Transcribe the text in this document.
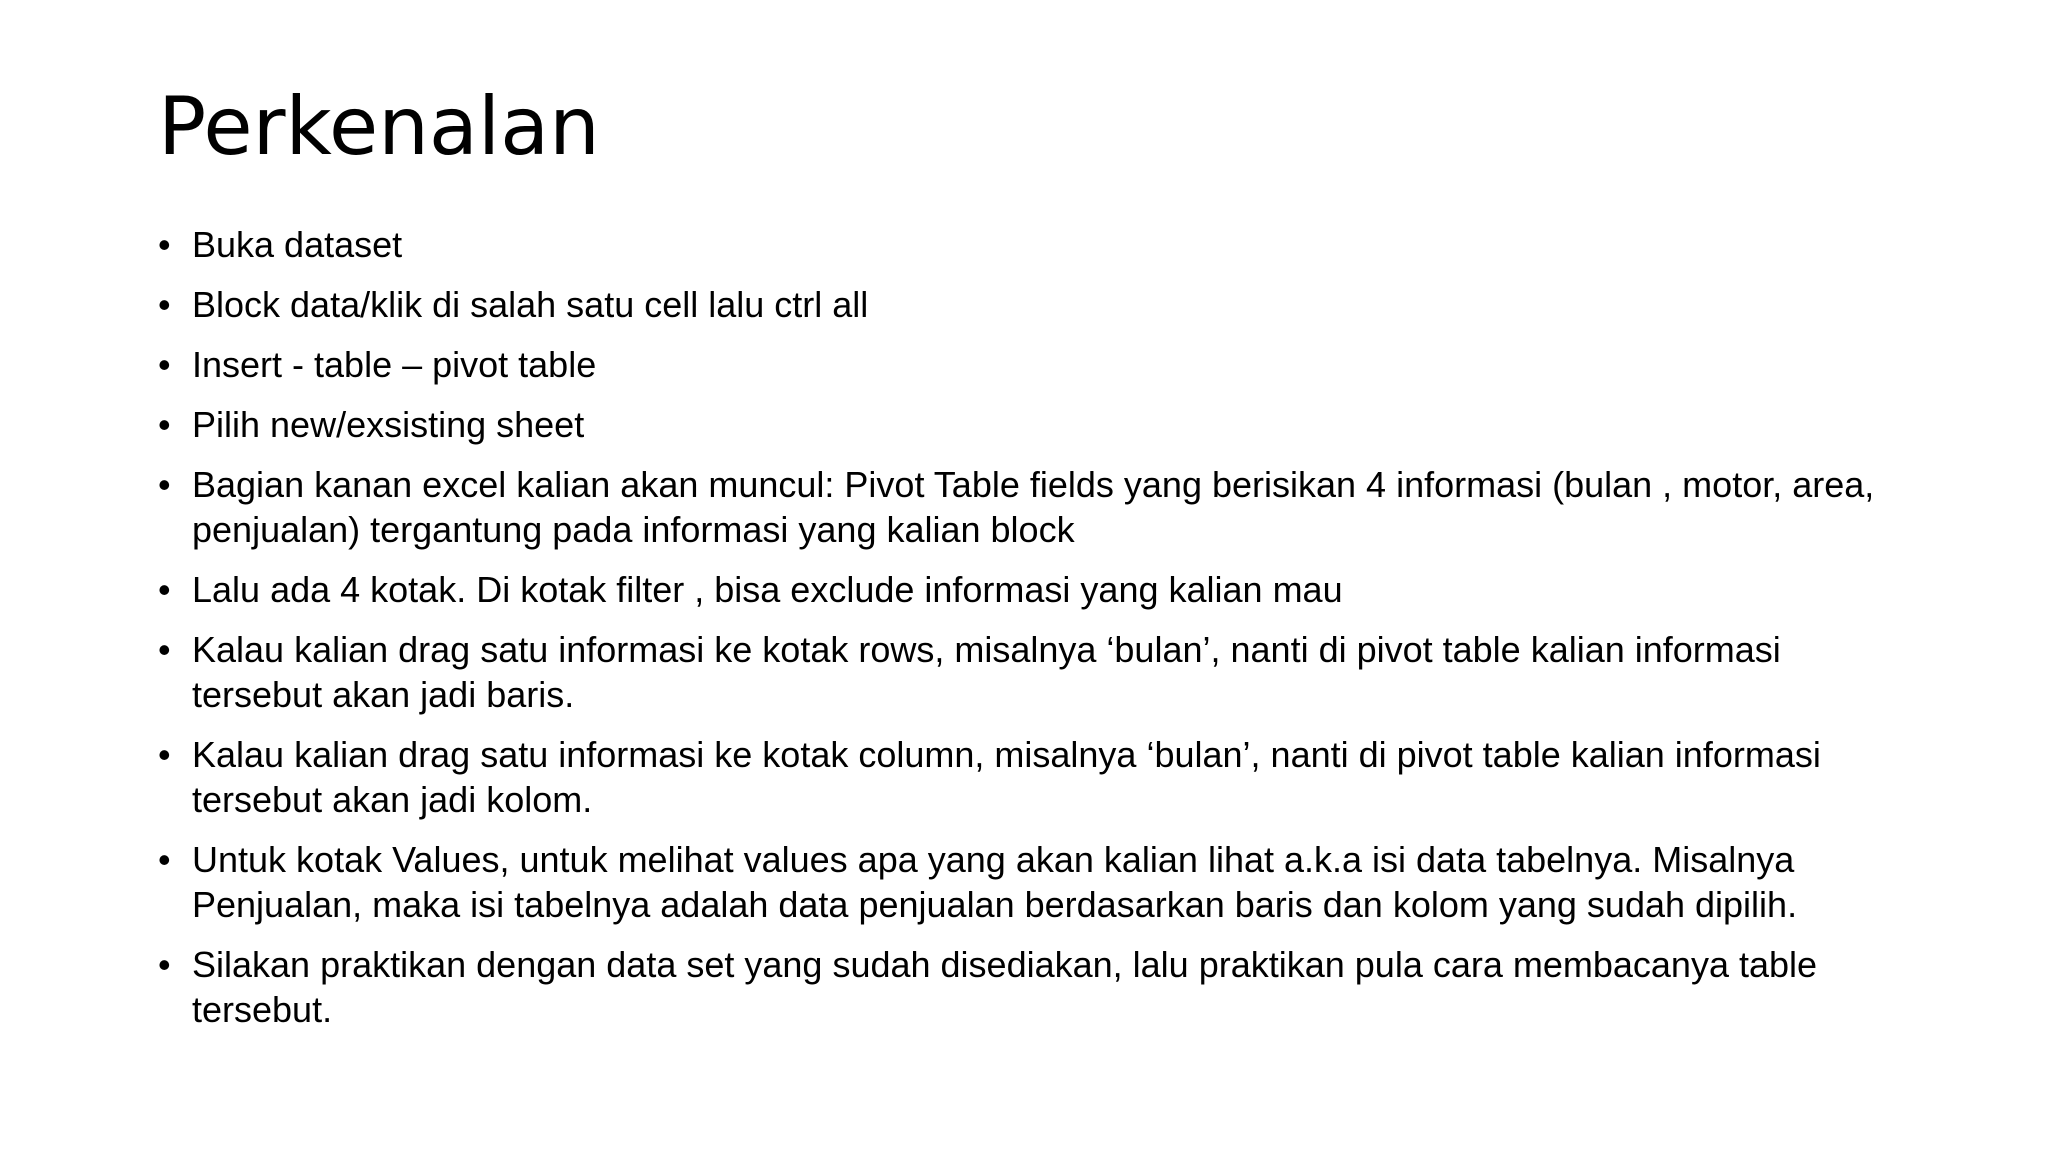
Perkenalan
• Buka dataset
• Block data/klik di salah satu cell lalu ctrl all
• Insert - table – pivot table
• Pilih new/exsisting sheet
• Bagian kanan excel kalian akan muncul: Pivot Table fields yang berisikan 4 informasi (bulan , motor, area, penjualan) tergantung pada informasi yang kalian block
• Lalu ada 4 kotak. Di kotak filter , bisa exclude informasi yang kalian mau
• Kalau kalian drag satu informasi ke kotak rows, misalnya ‘bulan’, nanti di pivot table kalian informasi tersebut akan jadi baris.
• Kalau kalian drag satu informasi ke kotak column, misalnya ‘bulan’, nanti di pivot table kalian informasi tersebut akan jadi kolom.
• Untuk kotak Values, untuk melihat values apa yang akan kalian lihat a.k.a isi data tabelnya. Misalnya Penjualan, maka isi tabelnya adalah data penjualan berdasarkan baris dan kolom yang sudah dipilih.
• Silakan praktikan dengan data set yang sudah disediakan, lalu praktikan pula cara membacanya table tersebut.
